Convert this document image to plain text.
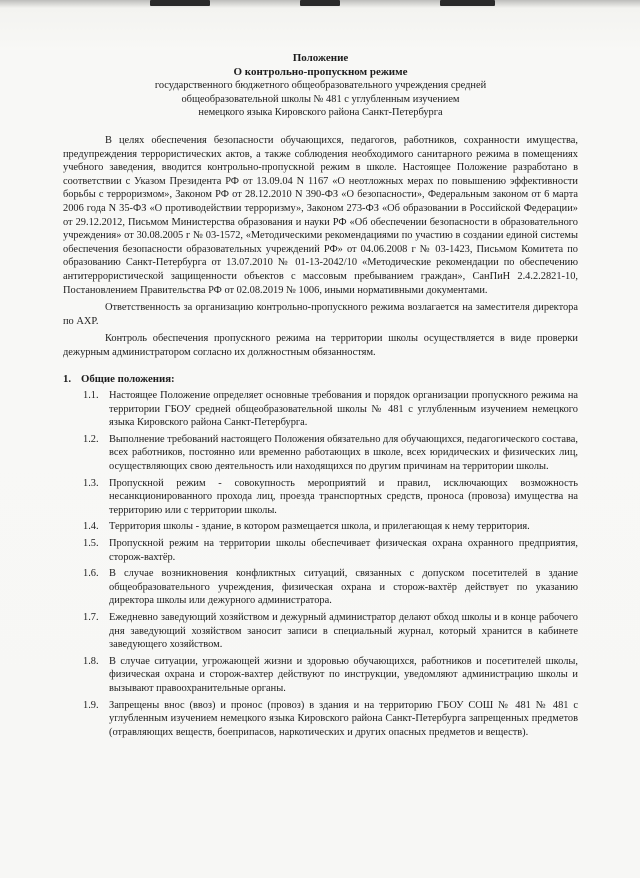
Положение
О контрольно-пропускном режиме
государственного бюджетного общеобразовательного учреждения средней
общеобразовательной школы № 481 с углубленным изучением
немецкого языка Кировского района Санкт-Петербурга

В целях обеспечения безопасности обучающихся, педагогов, работников, сохранности имущества, предупреждения террористических актов, а также соблюдения необходимого санитарного режима в помещениях учебного заведения, вводится контрольно-пропускной режим в школе. Настоящее Положение разработано в соответствии с Указом Президента РФ от 13.09.04 N 1167 «О неотложных мерах по повышению эффективности борьбы с терроризмом», Законом РФ от 28.12.2010 N 390-ФЗ «О безопасности», Федеральным законом от 6 марта 2006 года N 35-ФЗ «О противодействии терроризму», Законом 273-ФЗ «Об образовании в Российской Федерации» от 29.12.2012, Письмом Министерства образования и науки РФ «Об обеспечении безопасности в образовательного учреждения» от 30.08.2005 г № 03-1572, «Методическими рекомендациями по участию в создании единой системы обеспечения безопасности образовательных учреждений РФ» от 04.06.2008 г № 03-1423, Письмом Комитета по образованию Санкт-Петербурга от 13.07.2010 № 01-13-2042/10 «Методические рекомендации по обеспечению антитеррористической защищенности объектов с массовым пребыванием граждан», СанПиН 2.4.2.2821-10, Постановлением Правительства РФ от 02.08.2019 № 1006, иными нормативными документами.

Ответственность за организацию контрольно-пропускного режима возлагается на заместителя директора по АХР.

Контроль обеспечения пропускного режима на территории школы осуществляется в виде проверки дежурным администратором согласно их должностным обязанностям.

1. Общие положения:
1.1. Настоящее Положение определяет основные требования и порядок организации пропускного режима на территории ГБОУ средней общеобразовательной школы № 481 с углубленным изучением немецкого языка Кировского района Санкт-Петербурга.
1.2. Выполнение требований настоящего Положения обязательно для обучающихся, педагогического состава, всех работников, постоянно или временно работающих в школе, всех юридических и физических лиц, осуществляющих свою деятельность или находящихся по другим причинам на территории школы.
1.3. Пропускной режим - совокупность мероприятий и правил, исключающих возможность несанкционированного прохода лиц, проезда транспортных средств, проноса (провоза) имущества на территорию или с территории школы.
1.4. Территория школы - здание, в котором размещается школа, и прилегающая к нему территория.
1.5. Пропускной режим на территории школы обеспечивает физическая охрана охранного предприятия, сторож-вахтёр.
1.6. В случае возникновения конфликтных ситуаций, связанных с допуском посетителей в здание общеобразовательного учреждения, физическая охрана и сторож-вахтёр действует по указанию директора школы или дежурного администратора.
1.7. Ежедневно заведующий хозяйством и дежурный администратор делают обход школы и в конце рабочего дня заведующий хозяйством заносит записи в специальный журнал, который хранится в кабинете заведующего хозяйством.
1.8. В случае ситуации, угрожающей жизни и здоровью обучающихся, работников и посетителей школы, физическая охрана и сторож-вахтер действуют по инструкции, уведомляют администрацию школы и вызывают правоохранительные органы.
1.9. Запрещены внос (ввоз) и пронос (провоз) в здания и на территорию ГБОУ СОШ № 481 № 481 с углубленным изучением немецкого языка Кировского района Санкт-Петербурга запрещенных предметов (отравляющих веществ, боеприпасов, наркотических и других опасных предметов и веществ).
